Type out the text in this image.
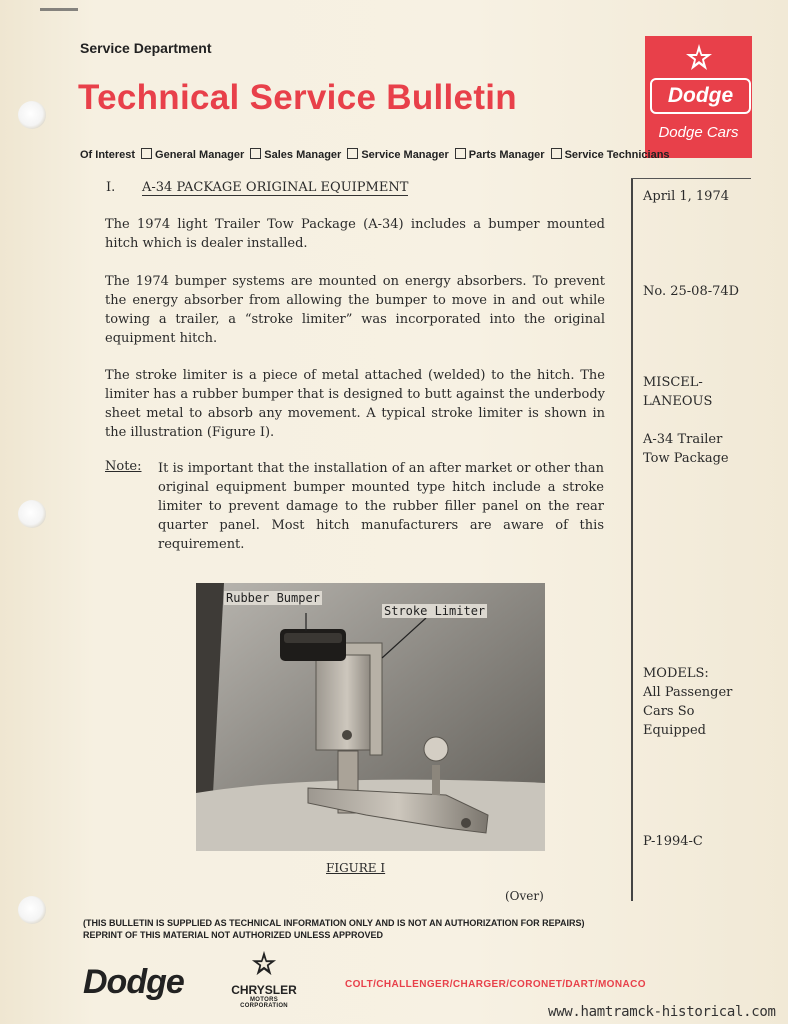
Service Department
Technical Service Bulletin	Dodge
Dodge Cars
Of Interest General Manager Sales Manager Service Manager Parts Manager Service Technicians
April 1, 1974
No. 25-08-74D
MISCEL-
LANEOUS
A-34 Trailer
Tow Package
MODELS:
All Passenger
Cars So
Equipped
P-1994-C
I. A-34 PACKAGE ORIGINAL EQUIPMENT
The 1974 light Trailer Tow Package (A-34) includes a bumper mounted hitch which is dealer installed.
The 1974 bumper systems are mounted on energy absorbers. To prevent the energy absorber from allowing the bumper to move in and out while towing a trailer, a “stroke limiter” was incorporated into the original equipment hitch.
The stroke limiter is a piece of metal attached (welded) to the hitch. The limiter has a rubber bumper that is designed to butt against the underbody sheet metal to absorb any movement. A typical stroke limiter is shown in the illustration (Figure I).
Note: It is important that the installation of an after market or other than original equipment bumper mounted type hitch include a stroke limiter to prevent damage to the rubber filler panel on the rear quarter panel. Most hitch manufacturers are aware of this requirement.
Rubber Bumper
Stroke Limiter
FIGURE I
(Over)
(THIS BULLETIN IS SUPPLIED AS TECHNICAL INFORMATION ONLY AND IS NOT AN AUTHORIZATION FOR REPAIRS)
REPRINT OF THIS MATERIAL NOT AUTHORIZED UNLESS APPROVED
Dodge	CHRYSLER
MOTORS CORPORATION
COLT/CHALLENGER/CHARGER/CORONET/DART/MONACO
www.hamtramck-historical.com
